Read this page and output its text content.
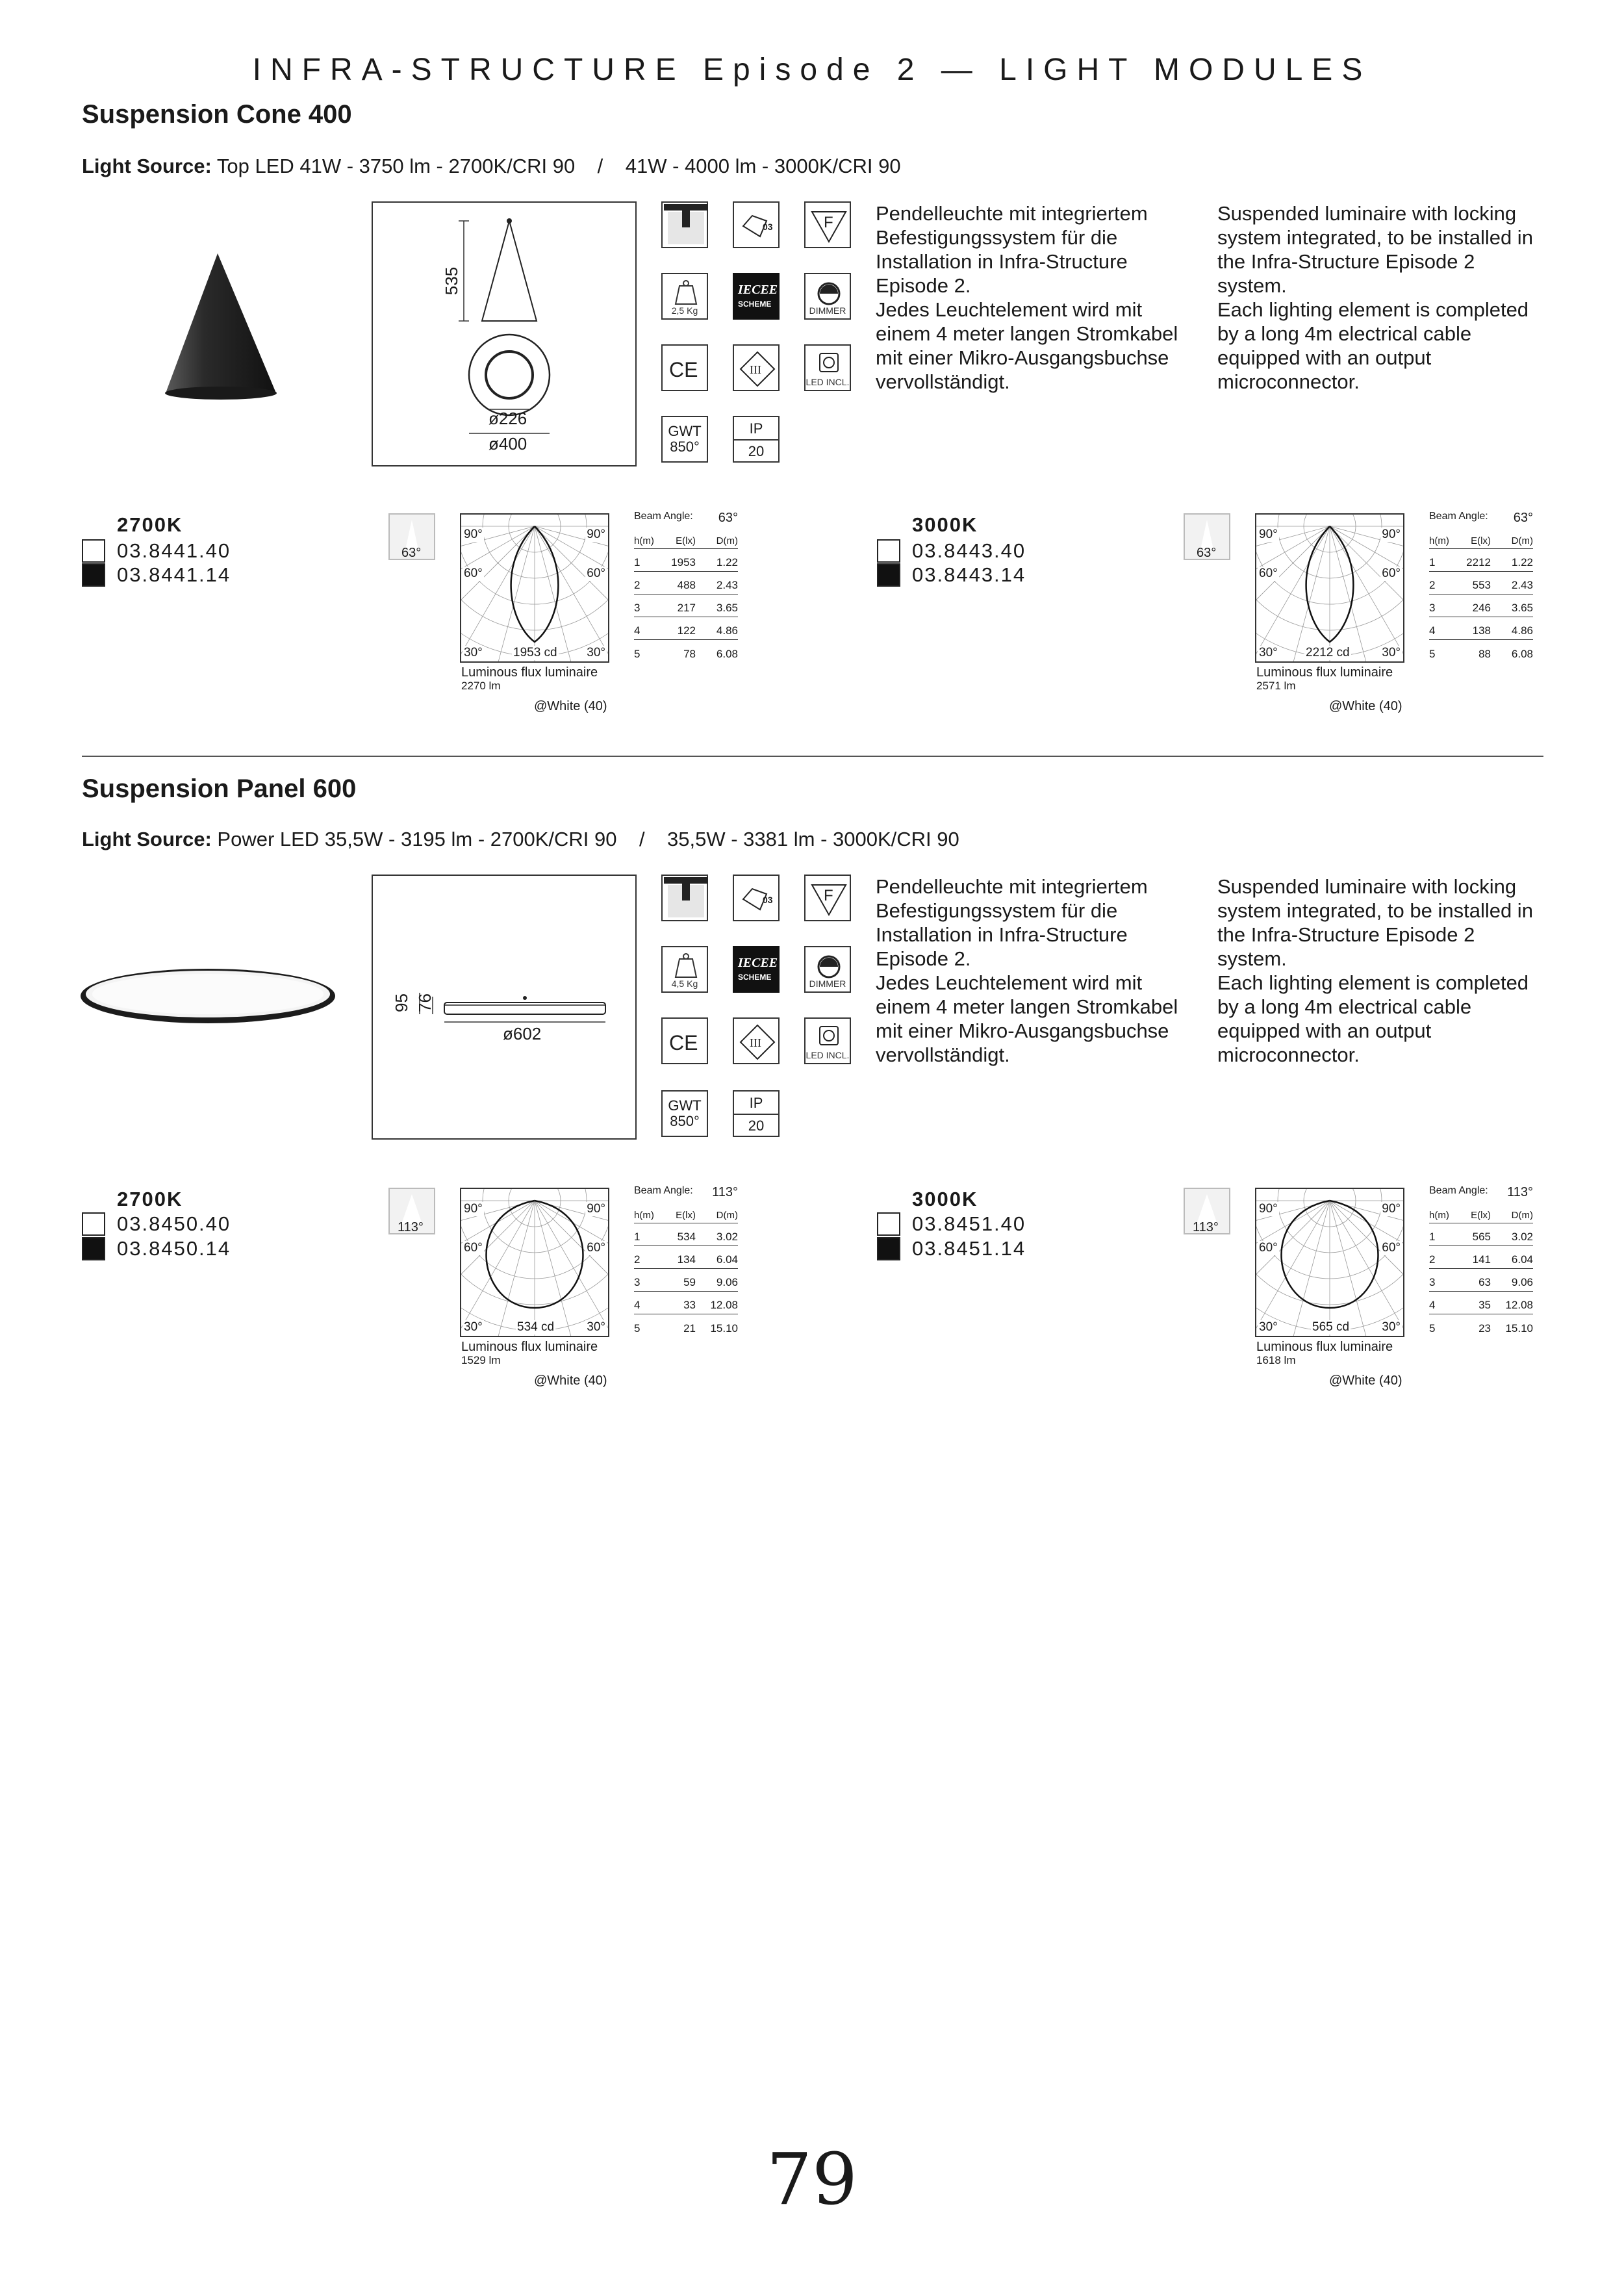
INFRA-STRUCTURE Episode 2 — LIGHT MODULES
Suspension Cone 400
Light Source: Top LED 41W - 3750 lm - 2700K/CRI 90    /    41W - 4000 lm - 3000K/CRI 90
535
ø226
ø400
03	F
2,5 Kg
IECEE
SCHEME
DIMMER
CE	III
LED INCL.
GWT
850°
IP
20
Pendelleuchte mit integriertem Befestigungssystem für die Installation in Infra-Structure Episode 2.
Jedes Leuchtelement wird mit einem 4 meter langen Stromkabel mit einer Mikro-Ausgangsbuchse vervollständigt.
Suspended luminaire with locking system integrated, to be installed in the Infra-Structure Episode 2 system.
Each lighting element is completed by a long 4m electrical cable equipped with an output microconnector.
2700K
03.8441.40
03.8441.14
63°
90°	90°
60°	60°
30°	30°
1953 cd
Luminous flux luminaire
2270 lm
@White (40)
Beam Angle: 63°
h(m)	E(lx)	D(m)
1	1953	1.22
2	488	2.43
3	217	3.65
4	122	4.86
5	78	6.08
3000K
03.8443.40
03.8443.14
63°
90°	90°
60°	60°
30°	30°
2212 cd
Luminous flux luminaire
2571 lm
@White (40)
Beam Angle: 63°
h(m)	E(lx)	D(m)
1	2212	1.22
2	553	2.43
3	246	3.65
4	138	4.86
5	88	6.08
Suspension Panel 600
Light Source: Power LED 35,5W - 3195 lm - 2700K/CRI 90    /    35,5W - 3381 lm - 3000K/CRI 90
95 76
ø602
03	F
4,5 Kg
IECEE
SCHEME
DIMMER
CE	III
LED INCL.
GWT
850°
IP
20
Pendelleuchte mit integriertem Befestigungssystem für die Installation in Infra-Structure Episode 2.
Jedes Leuchtelement wird mit einem 4 meter langen Stromkabel mit einer Mikro-Ausgangsbuchse vervollständigt.
Suspended luminaire with locking system integrated, to be installed in the Infra-Structure Episode 2 system.
Each lighting element is completed by a long 4m electrical cable equipped with an output microconnector.
2700K
03.8450.40
03.8450.14
113°
90°	90°
60°	60°
30°	30°
534 cd
Luminous flux luminaire
1529 lm
@White (40)
Beam Angle: 113°
h(m)	E(lx)	D(m)
1	534	3.02
2	134	6.04
3	59	9.06
4	33	12.08
5	21	15.10
3000K
03.8451.40
03.8451.14
113°
90°	90°
60°	60°
30°	30°
565 cd
Luminous flux luminaire
1618 lm
@White (40)
Beam Angle: 113°
h(m)	E(lx)	D(m)
1	565	3.02
2	141	6.04
3	63	9.06
4	35	12.08
5	23	15.10
79
